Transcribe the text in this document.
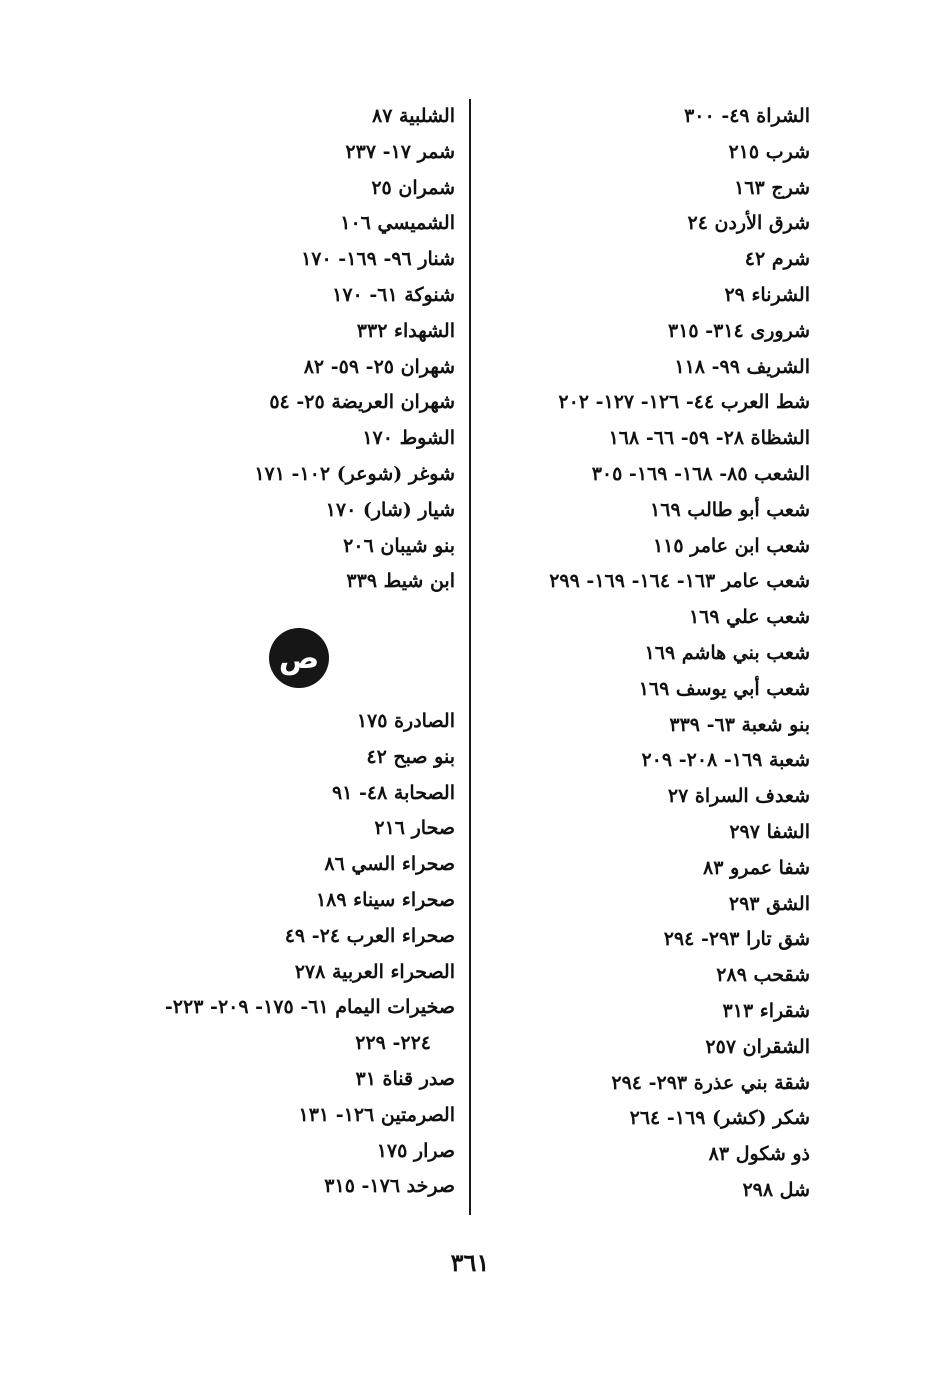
الشراة ٤٩- ٣٠٠
شرب ٢١٥
شرج ١٦٣
شرق الأردن ٢٤
شرم ٤٢
الشرناء ٢٩
شروری ٣١٤- ٣١٥
الشريف ٩٩- ١١٨
شط العرب ٤٤- ١٢٦- ١٢٧- ٢٠٢
الشظاة ٢٨- ٥٩- ٦٦- ١٦٨
الشعب ٨٥- ١٦٨- ١٦٩- ٣٠٥
شعب أبو طالب ١٦٩
شعب ابن عامر ١١٥
شعب عامر ١٦٣- ١٦٤- ١٦٩- ٢٩٩
شعب علي ١٦٩
شعب بني هاشم ١٦٩
شعب أبي يوسف ١٦٩
بنو شعبة ٦٣- ٣٣٩
شعبة ١٦٩- ٢٠٨- ٢٠٩
شعدف السراة ٢٧
الشفا ٢٩٧
شفا عمرو ٨٣
الشق ٢٩٣
شق تارا ٢٩٣- ٢٩٤
شقحب ٢٨٩
شقراء ٣١٣
الشقران ٢٥٧
شقة بني عذرة ٢٩٣- ٢٩٤
شكر (كشر) ١٦٩- ٢٦٤
ذو شكول ٨٣
شل ٢٩٨
الشلبية ٨٧
شمر ١٧- ٢٣٧
شمران ٢٥
الشميسي ١٠٦
شنار ٩٦- ١٦٩- ١٧٠
شنوكة ٦١- ١٧٠
الشهداء ٣٣٢
شهران ٢٥- ٥٩- ٨٢
شهران العريضة ٢٥- ٥٤
الشوط ١٧٠
شوغر (شوعر) ١٠٢- ١٧١
شيار (شار) ١٧٠
بنو شيبان ٢٠٦
ابن شيط ٣٣٩
ص
الصادرة ١٧٥
بنو صبح ٤٢
الصحابة ٤٨- ٩١
صحار ٢١٦
صحراء السي ٨٦
صحراء سيناء ١٨٩
صحراء العرب ٢٤- ٤٩
الصحراء العربية ٢٧٨
صخيرات اليمام ٦١- ١٧٥- ٢٠٩- ٢٢٣-
٢٢٤- ٢٢٩
صدر قناة ٣١
الصرمتين ١٢٦- ١٣١
صرار ١٧٥
صرخد ١٧٦- ٣١٥
٣٦١
